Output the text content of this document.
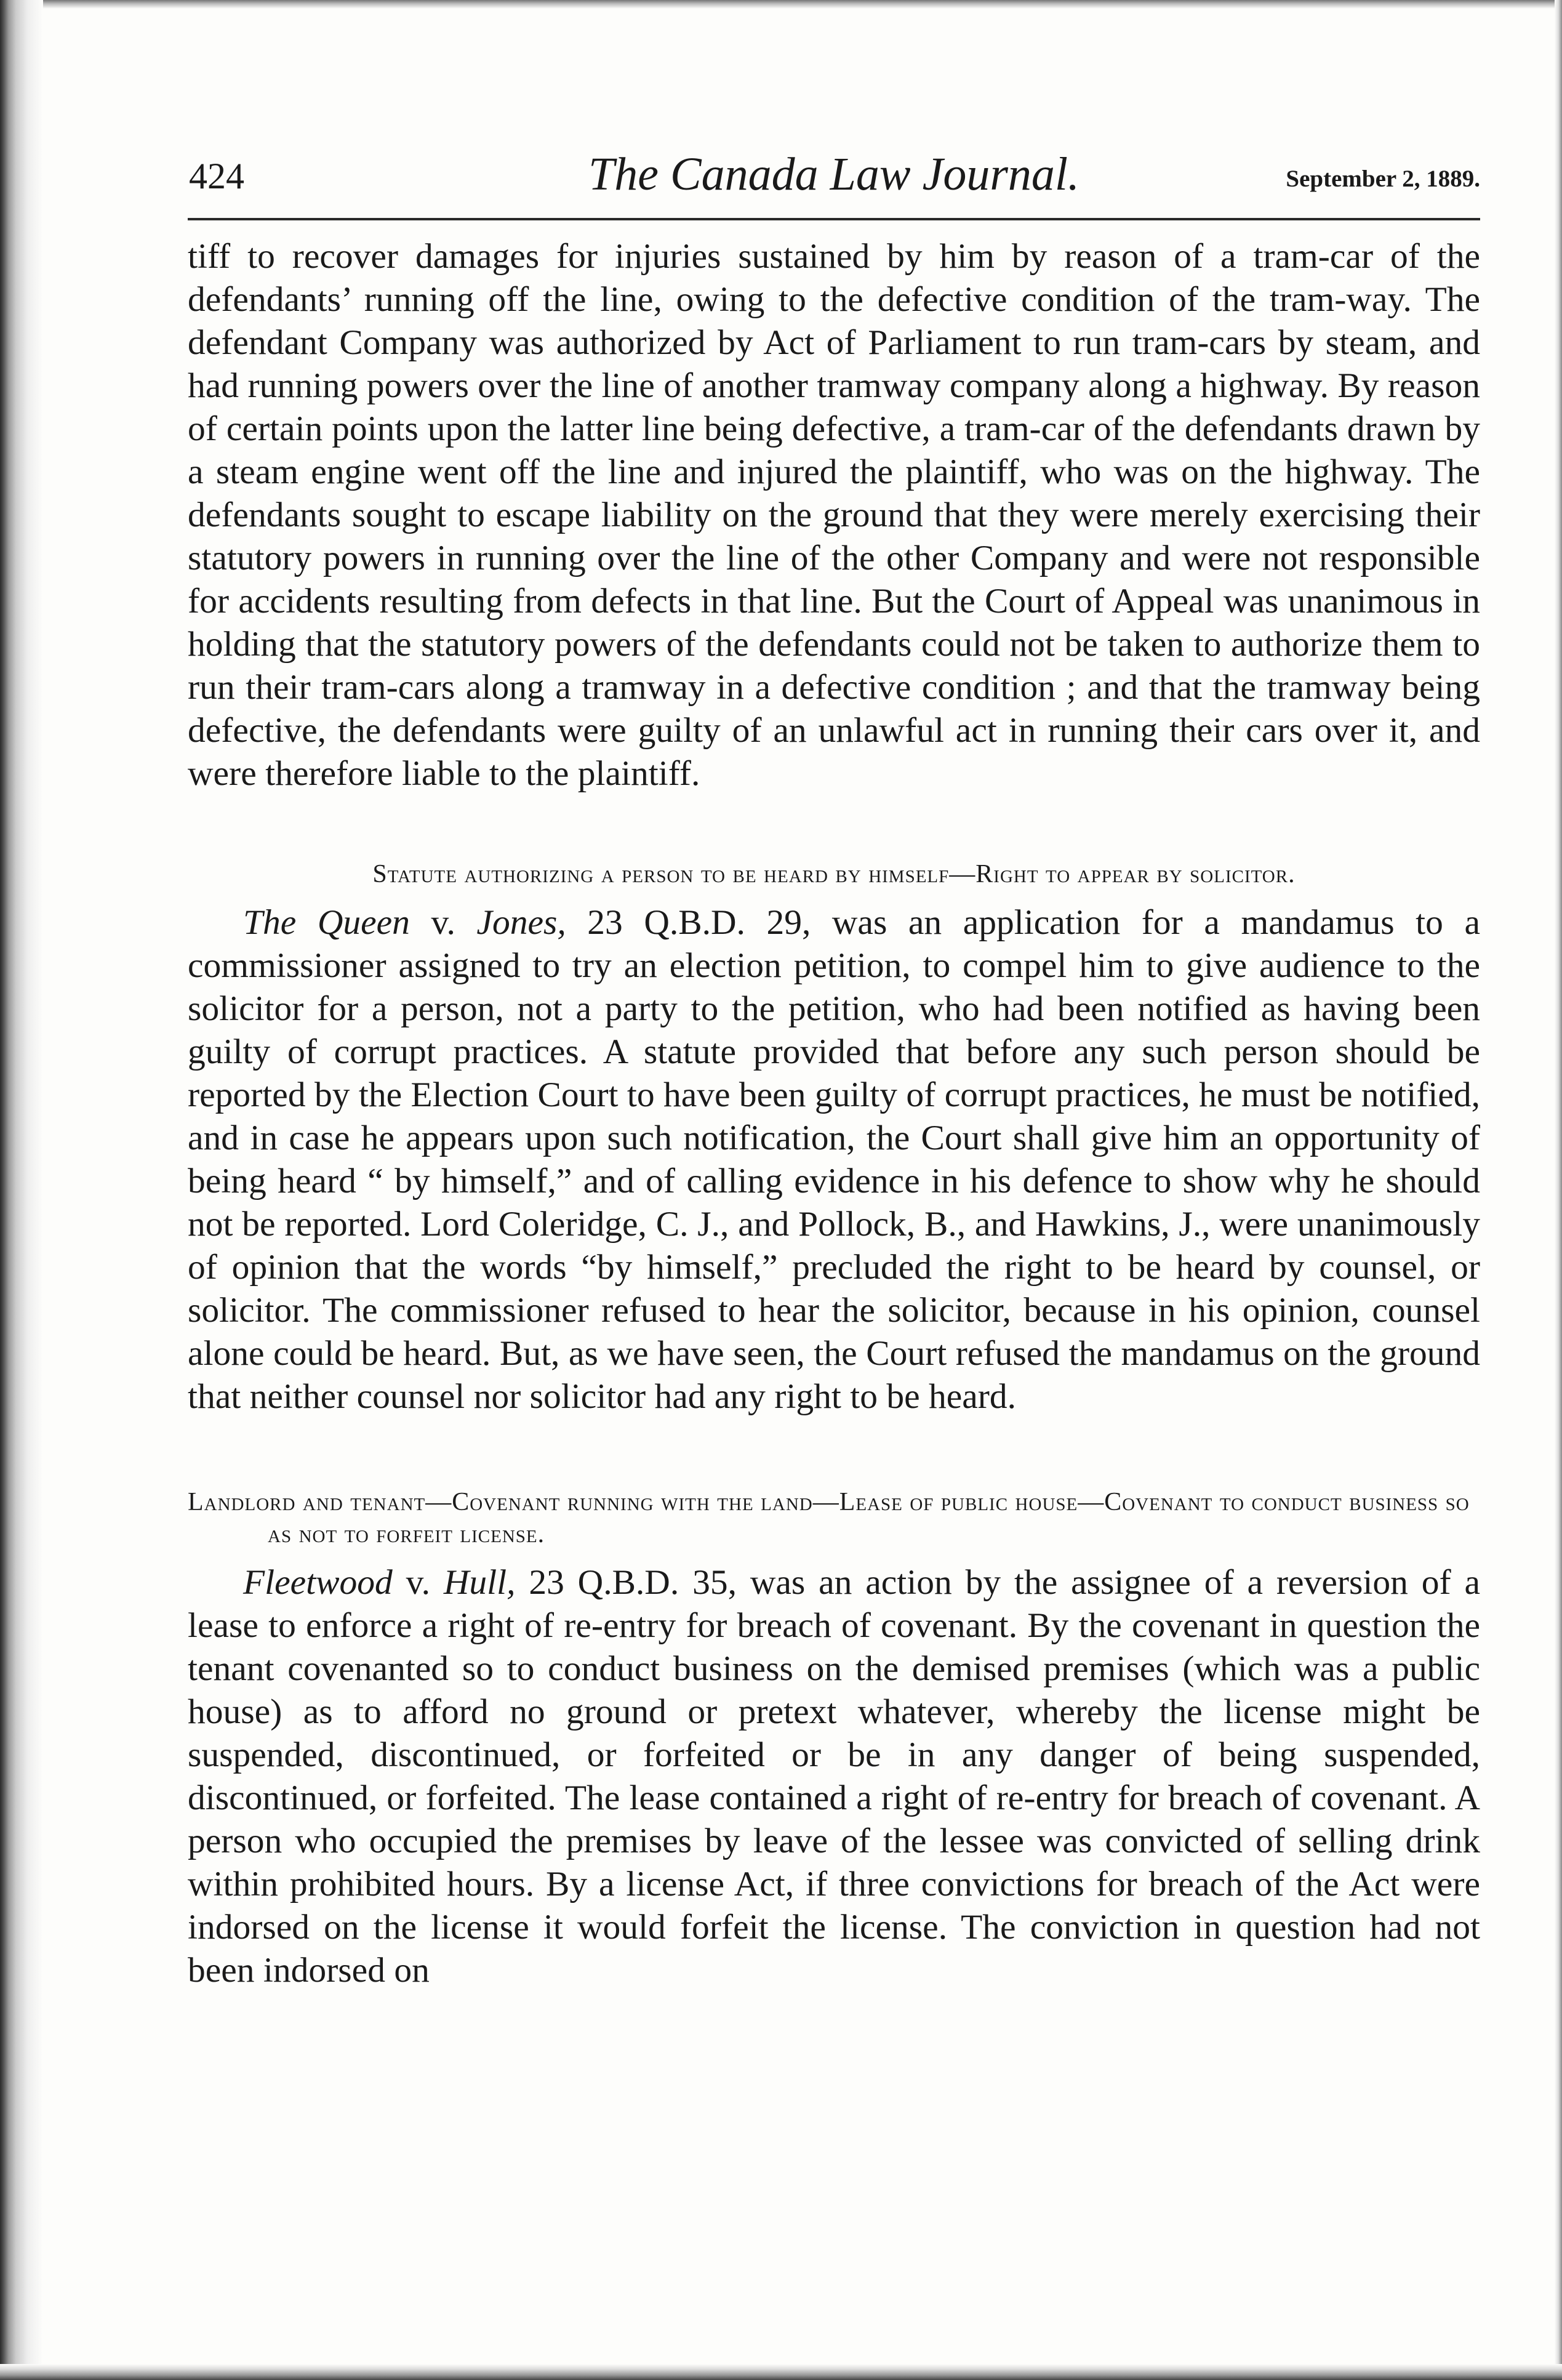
424	The Canada Law Journal.	September 2, 1889.

tiff to recover damages for injuries sustained by him by reason of a tram-car of the defendants’ running off the line, owing to the defective condition of the tram-way. The defendant Company was authorized by Act of Parliament to run tram-cars by steam, and had running powers over the line of another tramway company along a highway. By reason of certain points upon the latter line being defective, a tram-car of the defendants drawn by a steam engine went off the line and injured the plaintiff, who was on the highway. The defendants sought to escape liability on the ground that they were merely exercising their statutory powers in running over the line of the other Company and were not responsible for accidents resulting from defects in that line. But the Court of Appeal was unanimous in holding that the statutory powers of the defendants could not be taken to authorize them to run their tram-cars along a tramway in a defective condition ; and that the tramway being defective, the defendants were guilty of an unlawful act in running their cars over it, and were therefore liable to the plaintiff.

Statute authorizing a person to be heard by himself—Right to appear by solicitor.

The Queen v. Jones, 23 Q.B.D. 29, was an application for a mandamus to a commissioner assigned to try an election petition, to compel him to give audience to the solicitor for a person, not a party to the petition, who had been notified as having been guilty of corrupt practices. A statute provided that before any such person should be reported by the Election Court to have been guilty of corrupt practices, he must be notified, and in case he appears upon such notification, the Court shall give him an opportunity of being heard “ by himself,” and of calling evidence in his defence to show why he should not be reported. Lord Coleridge, C. J., and Pollock, B., and Hawkins, J., were unanimously of opinion that the words “by himself,” precluded the right to be heard by counsel, or solicitor. The commissioner refused to hear the solicitor, because in his opinion, counsel alone could be heard. But, as we have seen, the Court refused the mandamus on the ground that neither counsel nor solicitor had any right to be heard.

Landlord and tenant—Covenant running with the land—Lease of public house—Covenant to conduct business so as not to forfeit license.

Fleetwood v. Hull, 23 Q.B.D. 35, was an action by the assignee of a reversion of a lease to enforce a right of re-entry for breach of covenant. By the covenant in question the tenant covenanted so to conduct business on the demised premises (which was a public house) as to afford no ground or pretext whatever, whereby the license might be suspended, discontinued, or forfeited or be in any danger of being suspended, discontinued, or forfeited. The lease contained a right of re-entry for breach of covenant. A person who occupied the premises by leave of the lessee was convicted of selling drink within prohibited hours. By a license Act, if three convictions for breach of the Act were indorsed on the license it would forfeit the license. The conviction in question had not been indorsed on
